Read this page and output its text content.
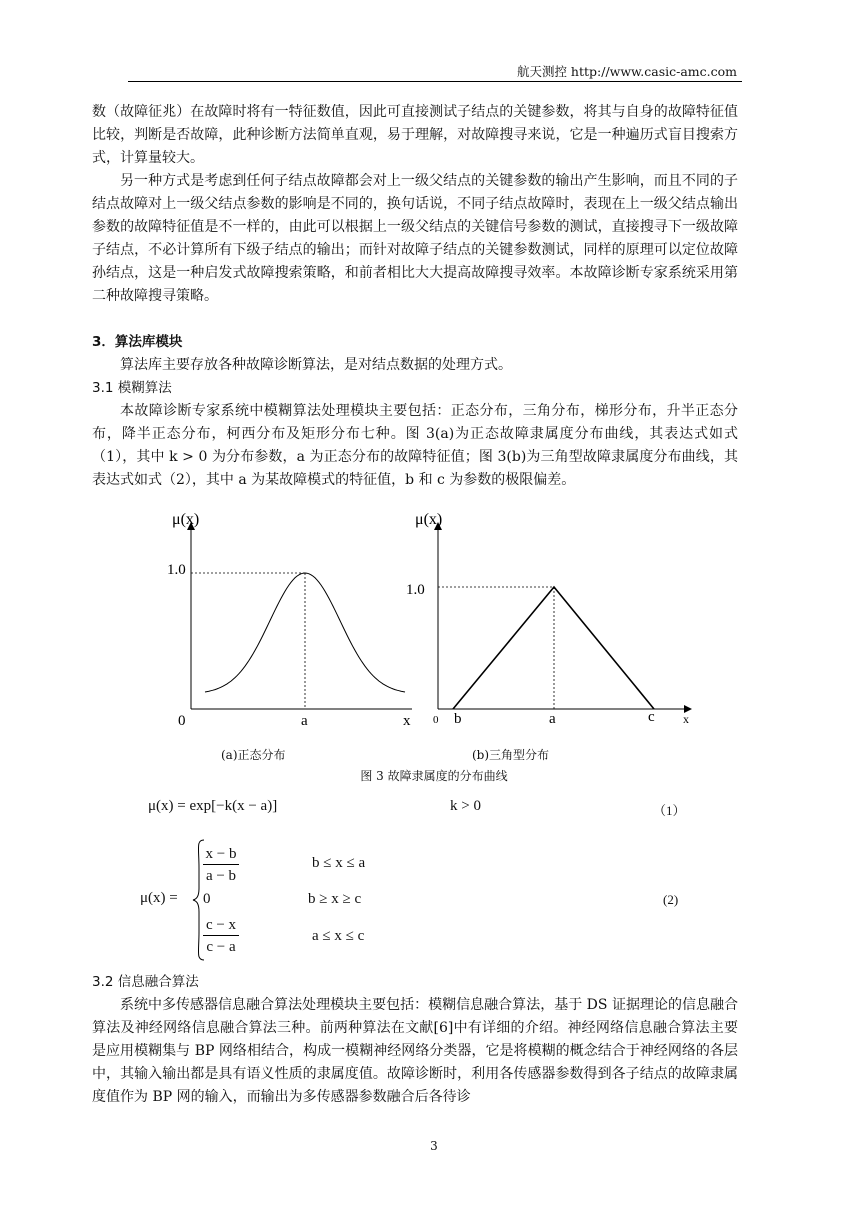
航天测控 http://www.casic-amc.com

数（故障征兆）在故障时将有一特征数值，因此可直接测试子结点的关键参数，将其与自身的故障特征值比较，判断是否故障，此种诊断方法简单直观，易于理解，对故障搜寻来说，它是一种遍历式盲目搜索方式，计算量较大。

另一种方式是考虑到任何子结点故障都会对上一级父结点的关键参数的输出产生影响，而且不同的子结点故障对上一级父结点参数的影响是不同的，换句话说，不同子结点故障时，表现在上一级父结点输出参数的故障特征值是不一样的，由此可以根据上一级父结点的关键信号参数的测试，直接搜寻下一级故障子结点，不必计算所有下级子结点的输出；而针对故障子结点的关键参数测试，同样的原理可以定位故障孙结点，这是一种启发式故障搜索策略，和前者相比大大提高故障搜寻效率。本故障诊断专家系统采用第二种故障搜寻策略。

3．算法库模块

算法库主要存放各种故障诊断算法，是对结点数据的处理方式。

3.1 模糊算法

本故障诊断专家系统中模糊算法处理模块主要包括：正态分布，三角分布，梯形分布，升半正态分布，降半正态分布，柯西分布及矩形分布七种。图 3(a)为正态故障隶属度分布曲线，其表达式如式（1），其中 k > 0 为分布参数，a 为正态分布的故障特征值；图 3(b)为三角型故障隶属度分布曲线，其表达式如式（2），其中 a 为某故障模式的特征值，b 和 c 为参数的极限偏差。

μ(x)
1.0
0	a	x
μ(x)
1.0
0 b	a	c x
(a)正态分布	(b)三角型分布
图 3 故障隶属度的分布曲线
μ(x) = exp[−k(x − a)]	k > 0	（1）
μ(x) =
$\frac{x - b}{a - b}$	b ≤ x ≤ a
0	b ≥ x ≥ c
$\frac{c - x}{c - a}$	a ≤ x ≤ c
(2)

3.2 信息融合算法

系统中多传感器信息融合算法处理模块主要包括：模糊信息融合算法，基于 DS 证据理论的信息融合算法及神经网络信息融合算法三种。前两种算法在文献[6]中有详细的介绍。神经网络信息融合算法主要是应用模糊集与 BP 网络相结合，构成一模糊神经网络分类器，它是将模糊的概念结合于神经网络的各层中，其输入输出都是具有语义性质的隶属度值。故障诊断时，利用各传感器参数得到各子结点的故障隶属度值作为 BP 网的输入，而输出为多传感器参数融合后各待诊

3
